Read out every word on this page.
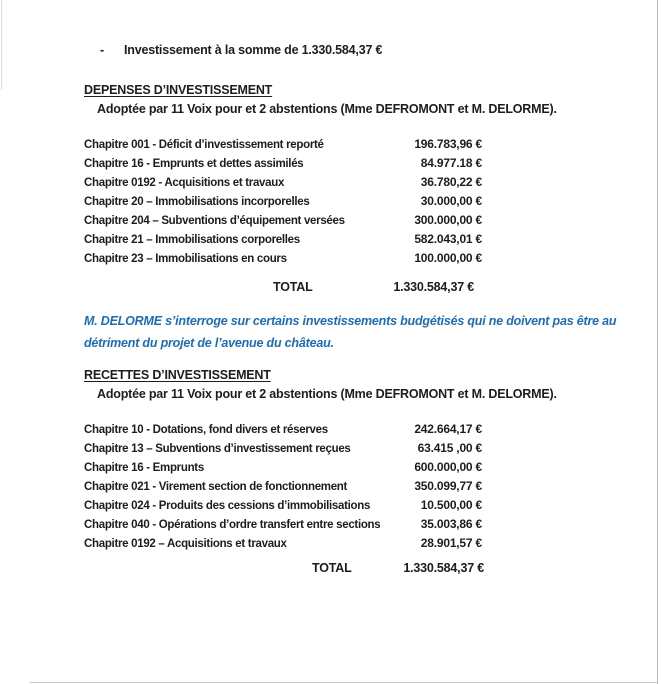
- Investissement à la somme de 1.330.584,37 €
DEPENSES D’INVESTISSEMENT
Adoptée par 11 Voix pour et 2 abstentions (Mme DEFROMONT et M. DELORME).
Chapitre 001 - Déficit d’investissement reporté	196.783,96 €
Chapitre 16 - Emprunts et dettes assimilés	84.977.18 €
Chapitre 0192 - Acquisitions et travaux	36.780,22 €
Chapitre 20 – Immobilisations incorporelles	30.000,00 €
Chapitre 204 – Subventions d’équipement versées	300.000,00 €
Chapitre 21 – Immobilisations corporelles	582.043,01 €
Chapitre 23 – Immobilisations en cours	100.000,00 €
TOTAL	1.330.584,37 €
M. DELORME s’interroge sur certains investissements budgétisés qui ne doivent pas être au
détriment du projet de l’avenue du château.
RECETTES D’INVESTISSEMENT
Adoptée par 11 Voix pour et 2 abstentions (Mme DEFROMONT et M. DELORME).
Chapitre 10 - Dotations, fond divers et réserves	242.664,17 €
Chapitre 13 – Subventions d’investissement reçues	63.415 ,00 €
Chapitre 16 - Emprunts	600.000,00 €
Chapitre 021 - Virement section de fonctionnement	350.099,77 €
Chapitre 024 - Produits des cessions d’immobilisations	10.500,00 €
Chapitre 040 - Opérations d’ordre transfert entre sections	35.003,86 €
Chapitre 0192 – Acquisitions et travaux	28.901,57 €
TOTAL	1.330.584,37 €
